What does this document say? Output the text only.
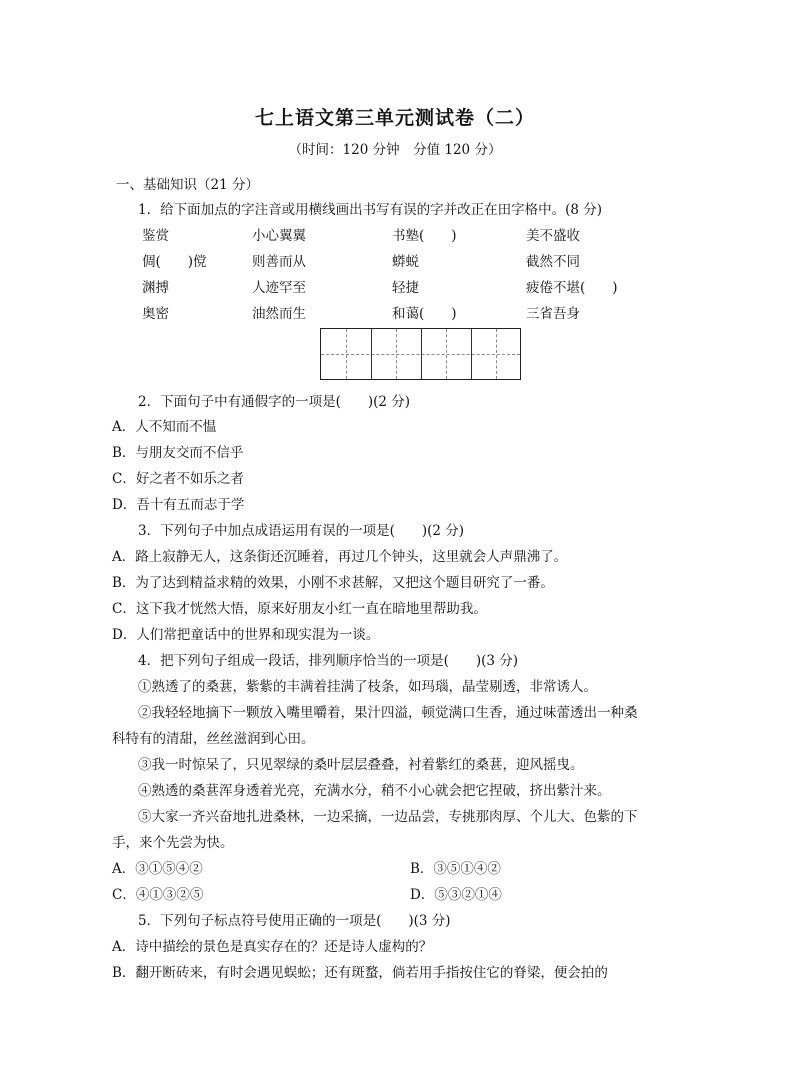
七上语文第三单元测试卷（二）
（时间：120 分钟　分值 120 分）
一、基础知识（21 分）
1．给下面加点的字注音或用横线画出书写有误的字并改正在田字格中。(8 分)
鉴赏	小心翼翼	书塾(　　)	美不盛收
倜(　　)傥	则善而从	蟒蜕	截然不同
渊搏	人迹罕至	轻捷	疲倦不堪(　　)
奥密	油然而生	和蔼(　　)	三省吾身
2．下面句子中有通假字的一项是(　　)(2 分)
A．人不知而不愠
B．与朋友交而不信乎
C．好之者不如乐之者
D．吾十有五而志于学
3．下列句子中加点成语运用有误的一项是(　　)(2 分)
A．路上寂静无人，这条街还沉睡着，再过几个钟头，这里就会人声鼎沸了。
B．为了达到精益求精的效果，小刚不求甚解，又把这个题目研究了一番。
C．这下我才恍然大悟，原来好朋友小红一直在暗地里帮助我。
D．人们常把童话中的世界和现实混为一谈。
4．把下列句子组成一段话，排列顺序恰当的一项是(　　)(3 分)
①熟透了的桑葚，紫紫的丰满着挂满了枝条，如玛瑙，晶莹剔透，非常诱人。
②我轻轻地摘下一颗放入嘴里嚼着，果汁四溢，顿觉满口生香，通过味蕾透出一种桑
科特有的清甜，丝丝滋润到心田。
③我一时惊呆了，只见翠绿的桑叶层层叠叠，衬着紫红的桑葚，迎风摇曳。
④熟透的桑葚浑身透着光亮，充满水分，稍不小心就会把它捏破，挤出紫汁来。
⑤大家一齐兴奋地扎进桑林，一边采摘，一边品尝，专挑那肉厚、个儿大、色紫的下
手，来个先尝为快。
A．③①⑤④②	B．③⑤①④②
C．④①③②⑤	D．⑤③②①④
5．下列句子标点符号使用正确的一项是(　　)(3 分)
A．诗中描绘的景色是真实存在的？还是诗人虚构的？
B．翻开断砖来，有时会遇见蜈蚣；还有斑蝥，倘若用手指按住它的脊梁，便会拍的
